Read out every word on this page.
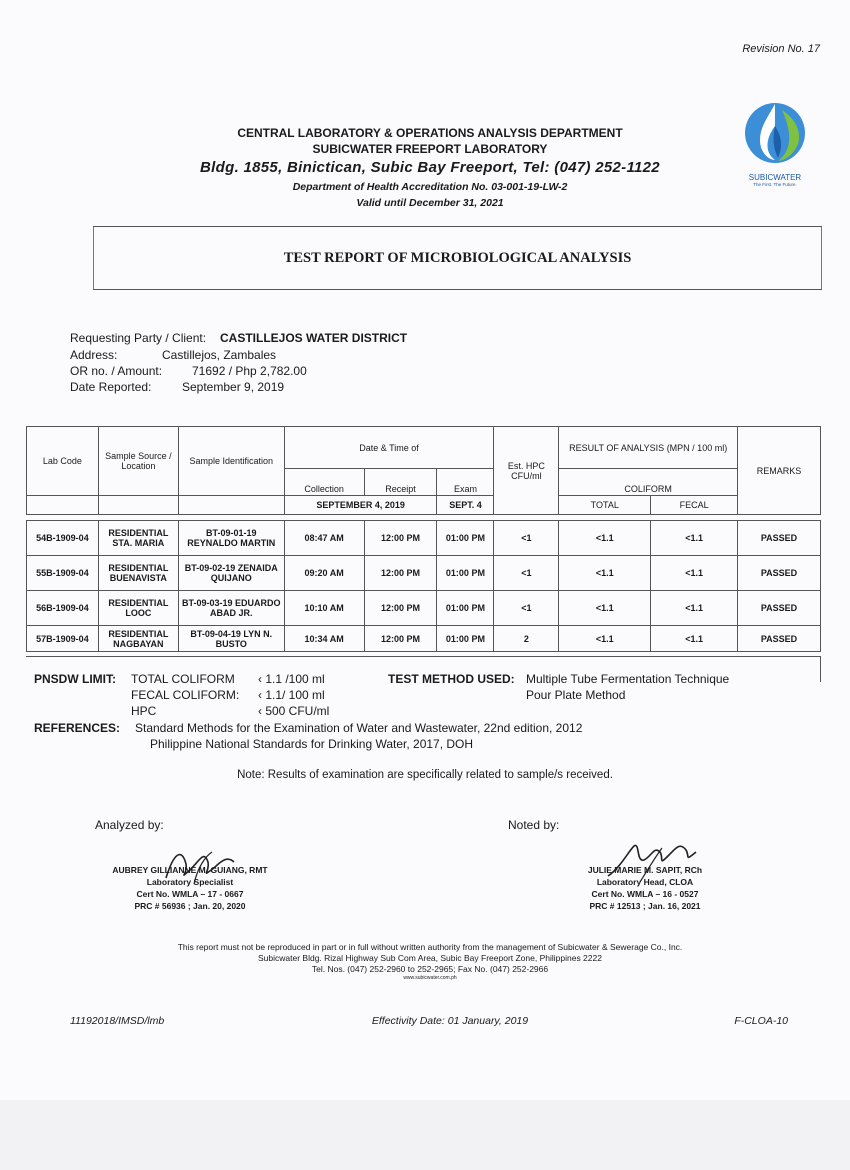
Revision No. 17
CENTRAL LABORATORY & OPERATIONS ANALYSIS DEPARTMENT
SUBICWATER FREEPORT LABORATORY
Bldg. 1855, Binictican, Subic Bay Freeport, Tel: (047) 252-1122
Department of Health Accreditation No. 03-001-19-LW-2
Valid until December 31, 2021
SUBICWATER
The First. The Future.
TEST REPORT OF MICROBIOLOGICAL ANALYSIS
Requesting Party / Client: CASTILLEJOS WATER DISTRICT
Address:	Castillejos, Zambales
OR no. / Amount: 71692 / Php 2,782.00
Date Reported:	September 9, 2019
Lab Code	Sample Source / Location	Sample Identification	Date & Time of			Est. HPC CFU/ml	RESULT OF ANALYSIS (MPN / 100 ml)		REMARKS
			Collection	Receipt	Exam		COLIFORM		
			SEPTEMBER 4, 2019		SEPT. 4		TOTAL	FECAL	

54B-1909-04	RESIDENTIAL STA. MARIA	BT-09-01-19 REYNALDO MARTIN	08:47 AM	12:00 PM	01:00 PM	<1	<1.1	<1.1	PASSED
55B-1909-04	RESIDENTIAL BUENAVISTA	BT-09-02-19 ZENAIDA QUIJANO	09:20 AM	12:00 PM	01:00 PM	<1	<1.1	<1.1	PASSED
56B-1909-04	RESIDENTIAL LOOC	BT-09-03-19 EDUARDO ABAD JR.	10:10 AM	12:00 PM	01:00 PM	<1	<1.1	<1.1	PASSED
57B-1909-04	RESIDENTIAL NAGBAYAN	BT-09-04-19 LYN N. BUSTO	10:34 AM	12:00 PM	01:00 PM	2	<1.1	<1.1	PASSED
PNSDW LIMIT: TOTAL COLIFORM ‹ 1.1 /100 ml
FECAL COLIFORM: ‹ 1.1/ 100 ml
HPC	‹ 500 CFU/ml
TEST METHOD USED: Multiple Tube Fermentation Technique
Pour Plate Method
REFERENCES: Standard Methods for the Examination of Water and Wastewater, 22nd edition, 2012
Philippine National Standards for Drinking Water, 2017, DOH
Note: Results of examination are specifically related to sample/s received.
Analyzed by:
AUBREY GILLIANNE M. GUIANG, RMT
Laboratory Specialist
Cert No. WMLA – 17 - 0667
PRC # 56936 ; Jan. 20, 2020
Noted by:
JULIE MARIE M. SAPIT, RCh
Laboratory Head, CLOA
Cert No. WMLA – 16 - 0527
PRC # 12513 ; Jan. 16, 2021
This report must not be reproduced in part or in full without written authority from the management of Subicwater & Sewerage Co., Inc.
Subicwater Bldg. Rizal Highway Sub Com Area, Subic Bay Freeport Zone, Philippines 2222
Tel. Nos. (047) 252-2960 to 252-2965; Fax No. (047) 252-2966
www.subicwater.com.ph
11192018/IMSD/lmb	Effectivity Date: 01 January, 2019	F-CLOA-10
